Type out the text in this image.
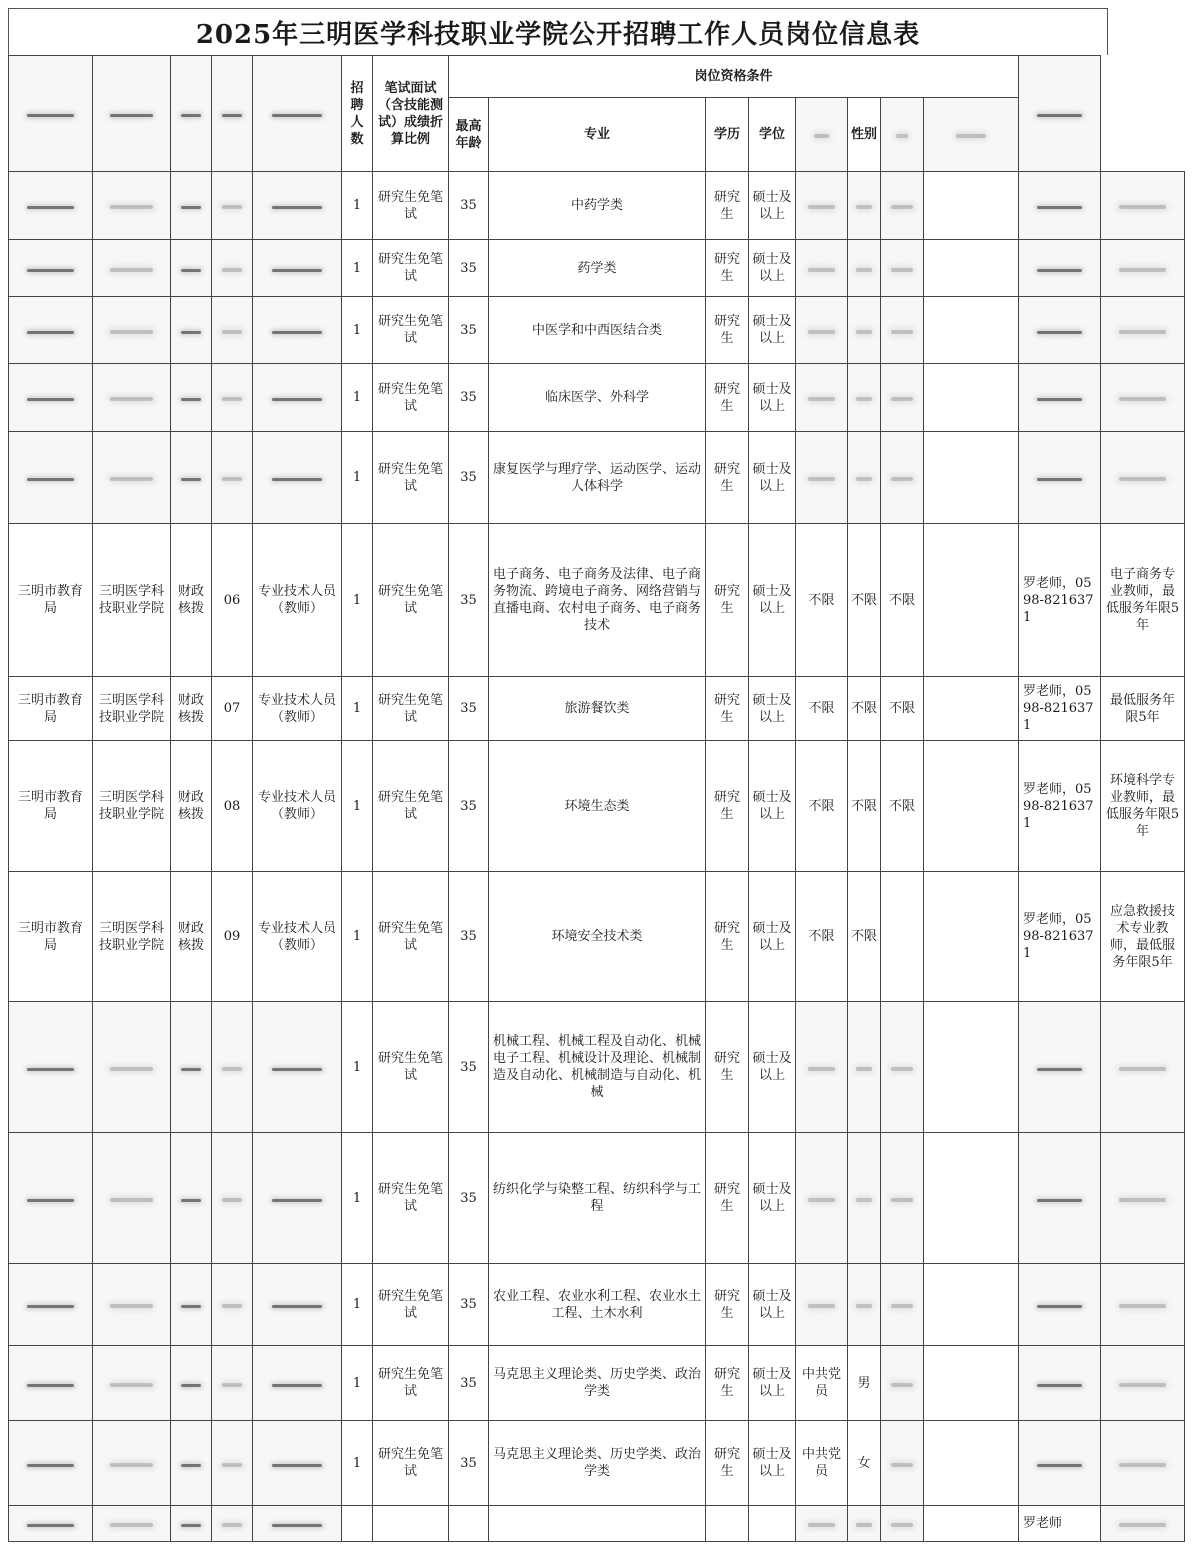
2025年三明医学科技职业学院公开招聘工作人员岗位信息表
					招聘人数	笔试面试（含技能测试）成绩折算比例	岗位资格条件									
							最高年龄	专业	学历	学位		性别				
					1	研究生免笔试	35	中药学类	研究生	硕士及以上						
					1	研究生免笔试	35	药学类	研究生	硕士及以上						
					1	研究生免笔试	35	中医学和中西医结合类	研究生	硕士及以上						
					1	研究生免笔试	35	临床医学、外科学	研究生	硕士及以上						
					1	研究生免笔试	35	康复医学与理疗学、运动医学、运动人体科学	研究生	硕士及以上						
三明市教育局	三明医学科技职业学院	财政核拨	06	专业技术人员（教师）	1	研究生免笔试	35	电子商务、电子商务及法律、电子商务物流、跨境电子商务、网络营销与直播电商、农村电子商务、电子商务技术	研究生	硕士及以上	不限	不限	不限		罗老师，0598-8216371	电子商务专业教师，最低服务年限5年
三明市教育局	三明医学科技职业学院	财政核拨	07	专业技术人员（教师）	1	研究生免笔试	35	旅游餐饮类	研究生	硕士及以上	不限	不限	不限		罗老师，0598-8216371	最低服务年限5年
三明市教育局	三明医学科技职业学院	财政核拨	08	专业技术人员（教师）	1	研究生免笔试	35	环境生态类	研究生	硕士及以上	不限	不限	不限		罗老师，0598-8216371	环境科学专业教师，最低服务年限5年
三明市教育局	三明医学科技职业学院	财政核拨	09	专业技术人员（教师）	1	研究生免笔试	35	环境安全技术类	研究生	硕士及以上	不限	不限			罗老师，0598-8216371	应急救援技术专业教师，最低服务年限5年
					1	研究生免笔试	35	机械工程、机械工程及自动化、机械电子工程、机械设计及理论、机械制造及自动化、机械制造与自动化、机械	研究生	硕士及以上						
					1	研究生免笔试	35	纺织化学与染整工程、纺织科学与工程	研究生	硕士及以上						
					1	研究生免笔试	35	农业工程、农业水利工程、农业水土工程、土木水利	研究生	硕士及以上						
					1	研究生免笔试	35	马克思主义理论类、历史学类、政治学类	研究生	硕士及以上	中共党员	男				
					1	研究生免笔试	35	马克思主义理论类、历史学类、政治学类	研究生	硕士及以上	中共党员	女				
															罗老师	
